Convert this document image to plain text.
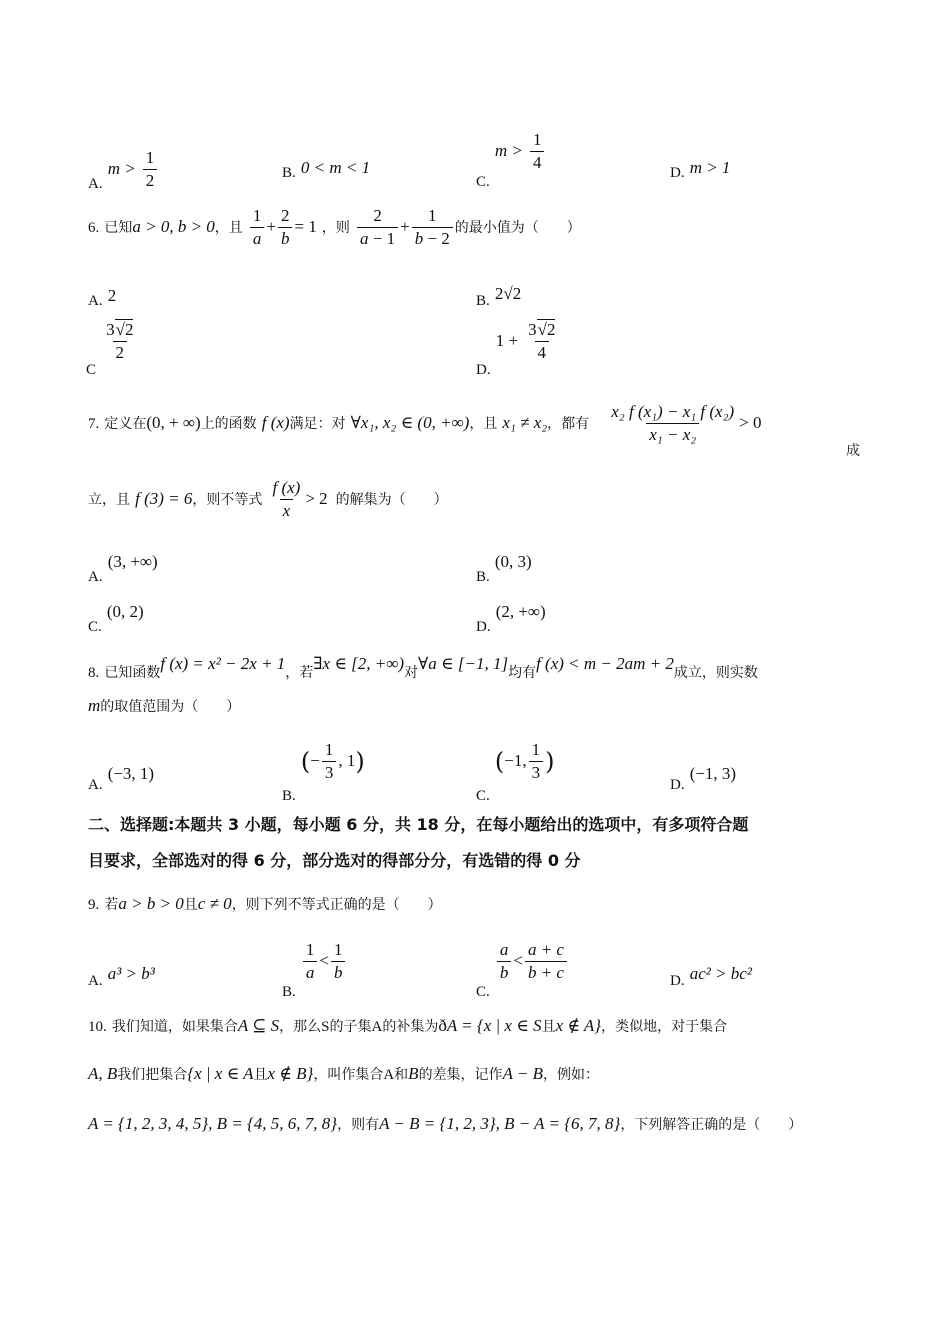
A. $m > \frac{1}{2}$	B. 0 < m < 1
C. $m > \frac{1}{4}$	D. m > 1
6. 已知a > 0, b > 0，且 $\frac{1}{a} + \frac{2}{b} = 1$ ，则 $\frac{2}{a - 1} + \frac{1}{b - 2}$ 的最小值为（　　）
A. 2	B. 2√2
C
$\frac{3√2}{2}$
D. $1 + \frac{3√2}{4}$
7. 定义在(0, + ∞)上的函数 f (x)满足：对 ∀x₁, x₂ ∈ (0, +∞)，且 x₁ ≠ x₂，都有 $\frac{\text{x₂ f (x₁) − x₁ f (x₂)}}{\text{x₁ − x₂}} > 0$
成
立，且 f (3) = 6，则不等式 $\frac{f (x)}{x} > 2$ 的解集为（　　）
A. (3, +∞)
B. (0, 3)
C. (0, 2)
D. (2, +∞)
8. 已知函数f (x) = x² − 2x + 1，若∃x ∈ [2, +∞)对∀a ∈ [−1, 1]均有f (x) < m − 2am + 2成立，则实数
m的取值范围为（　　）
A. (−3, 1)
B. (− $\frac{1}{3}$ , 1)
C. (−1, $\frac{1}{3}$ )
D. (−1, 3)
二、选择题:本题共 3 小题，每小题 6 分，共 18 分，在每小题给出的选项中，有多项符合题
目要求，全部选对的得 6 分，部分选对的得部分分，有选错的得 0 分
9. 若a > b > 0且c ≠ 0，则下列不等式正确的是（　　）
A. a³ > b³
B.
$\frac{1}{a} < \frac{1}{b}$
C.
$\frac{a}{b} < \frac{a + c}{b + c}$	D. ac² > bc²
10. 我们知道，如果集合A ⊆ S，那么S的子集A的补集为ðA = {x | x ∈ S且x ∉ A}，类似地，对于集合
A, B我们把集合{x | x ∈ A且x ∉ B}，叫作集合A和B的差集，记作A − B，例如：
A = {1, 2, 3, 4, 5}, B = {4, 5, 6, 7, 8}，则有A − B = {1, 2, 3}, B − A = {6, 7, 8}，下列解答正确的是（　　）
